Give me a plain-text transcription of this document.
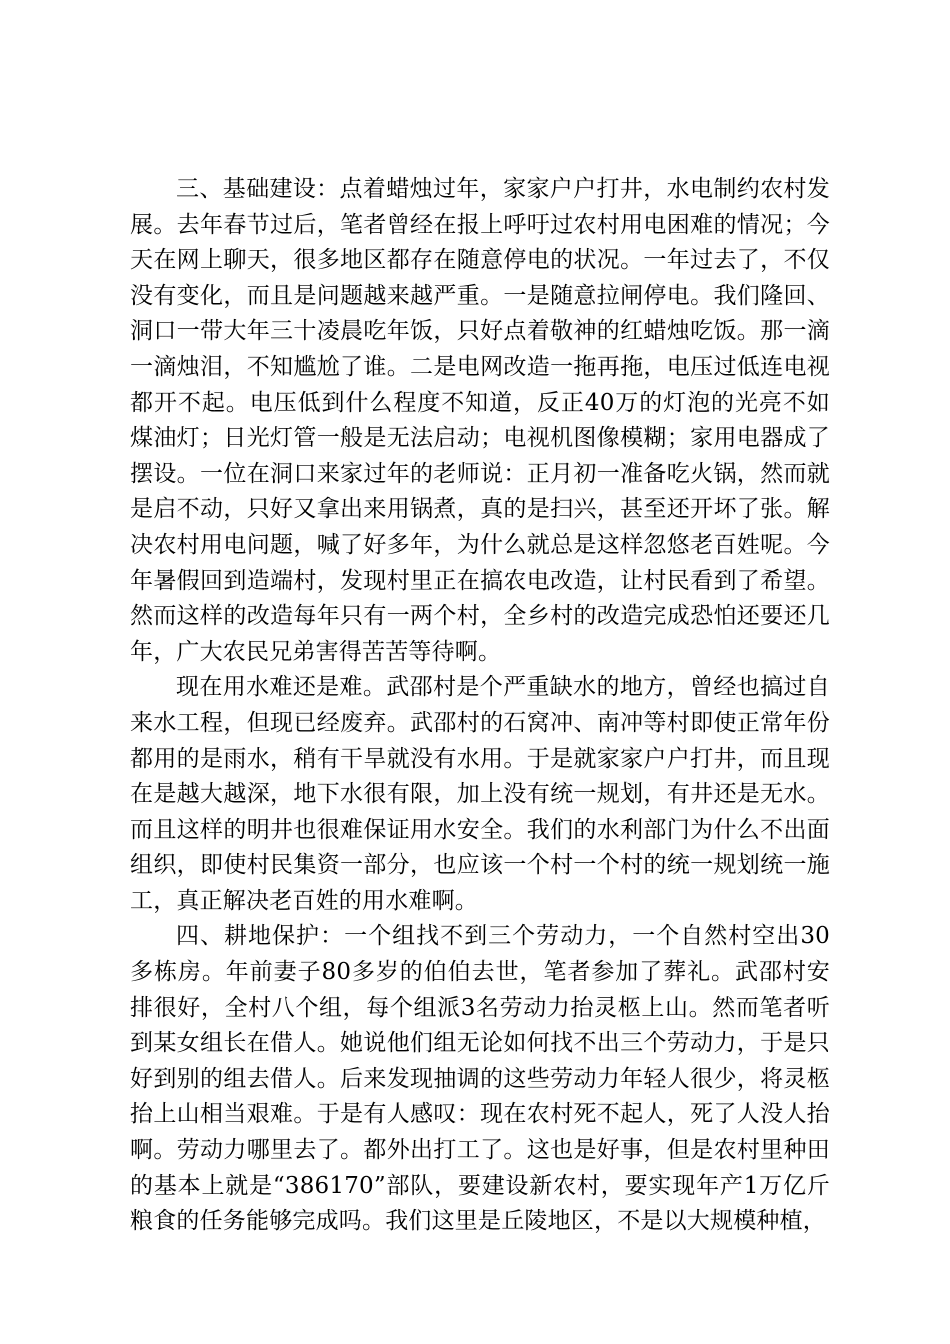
三、基础建设：点着蜡烛过年，家家户户打井，水电制约农村发展。去年春节过后，笔者曾经在报上呼吁过农村用电困难的情况；今天在网上聊天，很多地区都存在随意停电的状况。一年过去了，不仅没有变化，而且是问题越来越严重。一是随意拉闸停电。我们隆回、洞口一带大年三十凌晨吃年饭，只好点着敬神的红蜡烛吃饭。那一滴一滴烛泪，不知尴尬了谁。二是电网改造一拖再拖，电压过低连电视都开不起。电压低到什么程度不知道，反正40万的灯泡的光亮不如煤油灯；日光灯管一般是无法启动；电视机图像模糊；家用电器成了摆设。一位在洞口来家过年的老师说：正月初一准备吃火锅，然而就是启不动，只好又拿出来用锅煮，真的是扫兴，甚至还开坏了张。解决农村用电问题，喊了好多年，为什么就总是这样忽悠老百姓呢。今年暑假回到造端村，发现村里正在搞农电改造，让村民看到了希望。然而这样的改造每年只有一两个村，全乡村的改造完成恐怕还要还几年，广大农民兄弟害得苦苦等待啊。

现在用水难还是难。武邵村是个严重缺水的地方，曾经也搞过自来水工程，但现已经废弃。武邵村的石窝冲、南冲等村即使正常年份都用的是雨水，稍有干旱就没有水用。于是就家家户户打井，而且现在是越大越深，地下水很有限，加上没有统一规划，有井还是无水。而且这样的明井也很难保证用水安全。我们的水利部门为什么不出面组织，即使村民集资一部分，也应该一个村一个村的统一规划统一施工，真正解决老百姓的用水难啊。

四、耕地保护：一个组找不到三个劳动力，一个自然村空出30多栋房。年前妻子80多岁的伯伯去世，笔者参加了葬礼。武邵村安排很好，全村八个组，每个组派3名劳动力抬灵柩上山。然而笔者听到某女组长在借人。她说他们组无论如何找不出三个劳动力，于是只好到别的组去借人。后来发现抽调的这些劳动力年轻人很少，将灵柩抬上山相当艰难。于是有人感叹：现在农村死不起人，死了人没人抬啊。劳动力哪里去了。都外出打工了。这也是好事，但是农村里种田的基本上就是“386170”部队，要建设新农村，要实现年产1万亿斤粮食的任务能够完成吗。我们这里是丘陵地区，不是以大规模种植，
